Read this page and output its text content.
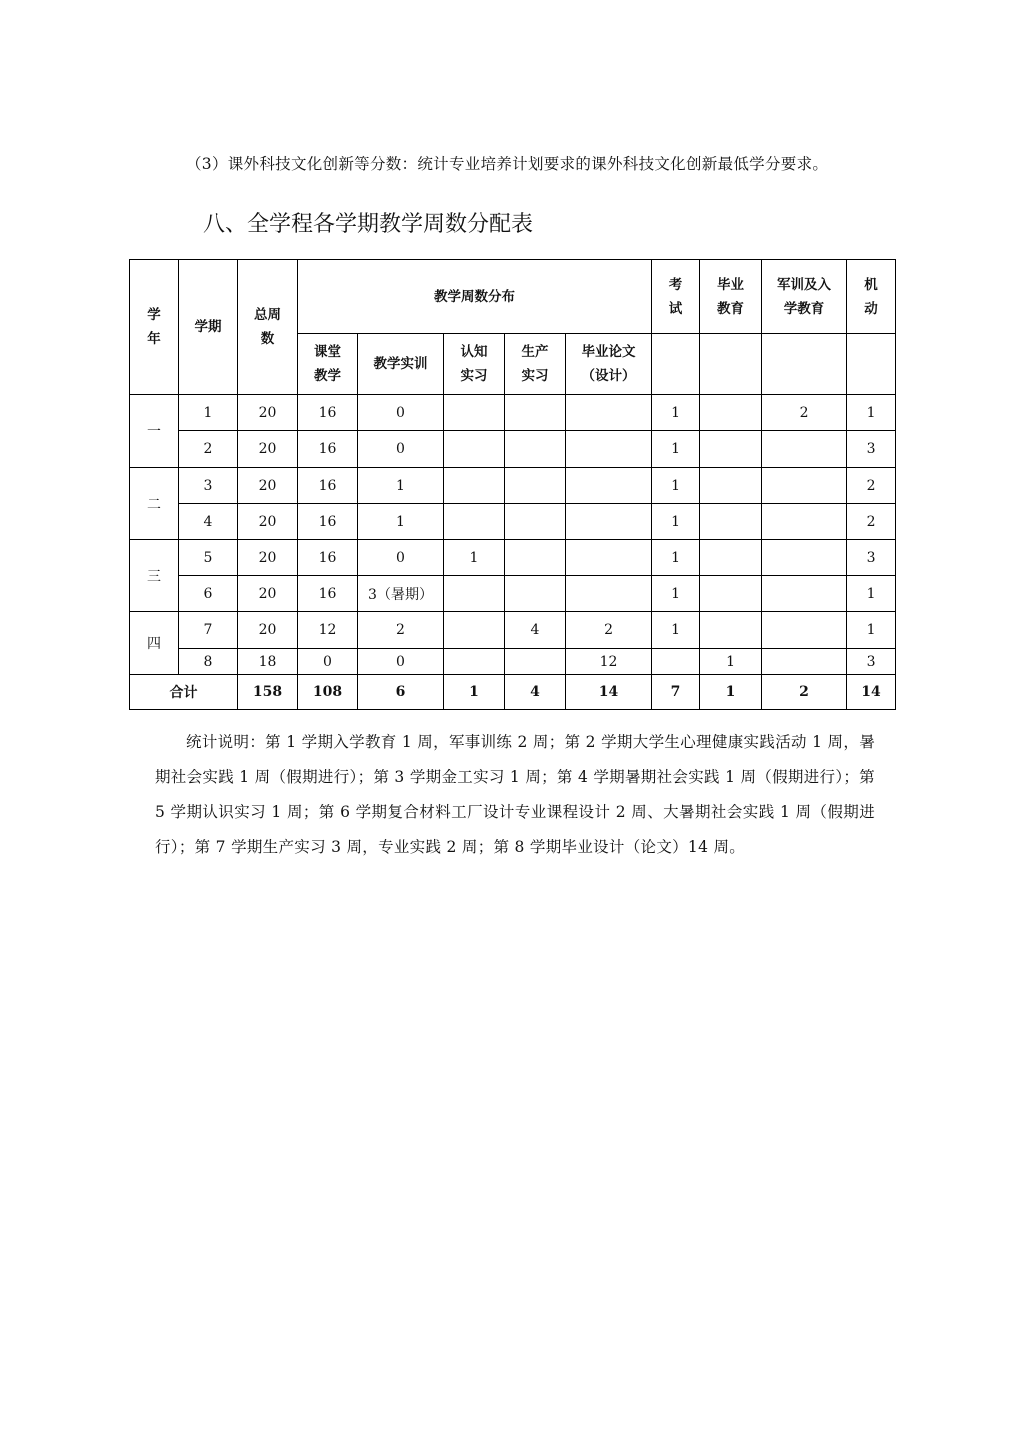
（3）课外科技文化创新等分数：统计专业培养计划要求的课外科技文化创新最低学分要求。

八、全学程各学期教学周数分配表
学年	学期	总周数	教学周数分布					考试	毕业教育	军训及入学教育	机动
			课堂教学	教学实训	认知实习	生产实习	毕业论文（设计）				
一	1	20	16	0				1		2	1
	2	20	16	0				1			3
二	3	20	16	1				1			2
	4	20	16	1				1			2
三	5	20	16	0	1			1			3
	6	20	16	3（暑期）				1			1
四	7	20	12	2		4	2	1			1
	8	18	0	0			12		1		3
合计		158	108	6	1	4	14	7	1	2	14

统计说明：第 1 学期入学教育 1 周，军事训练 2 周；第 2 学期大学生心理健康实践活动 1 周，暑期社会实践 1 周（假期进行）；第 3 学期金工实习 1 周；第 4 学期暑期社会实践 1 周（假期进行）；第 5 学期认识实习 1 周；第 6 学期复合材料工厂设计专业课程设计 2 周、大暑期社会实践 1 周（假期进行）；第 7 学期生产实习 3 周，专业实践 2 周；第 8 学期毕业设计（论文）14 周。
